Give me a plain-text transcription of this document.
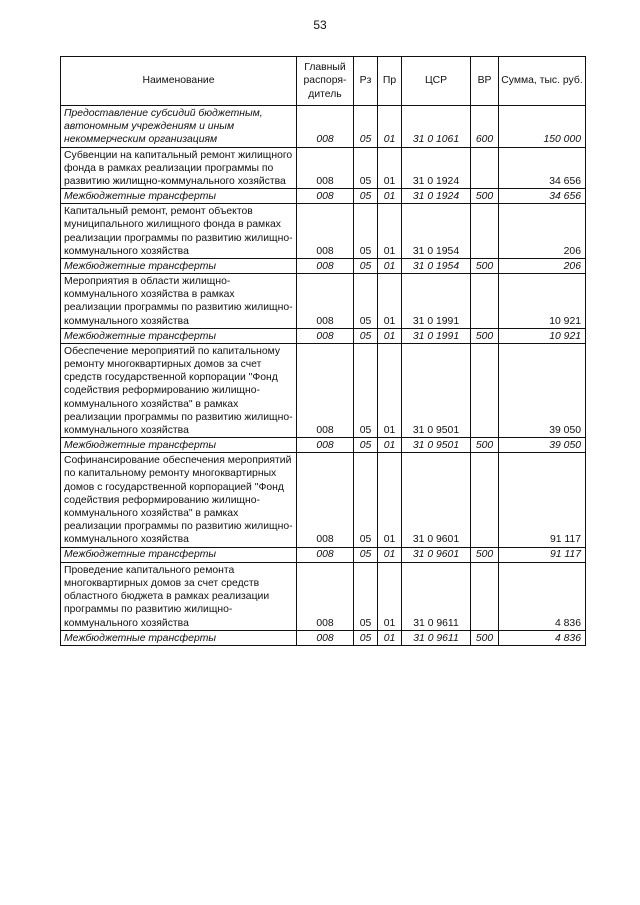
53
Наименование	Главный распоря-дитель	Рз	Пр	ЦСР	ВР	Сумма, тыс. руб.
Предоставление субсидий бюджетным, автономным учреждениям и иным некоммерческим организациям	008	05	01	31 0 1061	600	150 000
Субвенции на капитальный ремонт жилищного фонда в рамках реализации программы по развитию жилищно-коммунального хозяйства	008	05	01	31 0 1924		34 656
Межбюджетные трансферты	008	05	01	31 0 1924	500	34 656
Капитальный ремонт, ремонт объектов муниципального жилищного фонда в рамках реализации программы по развитию жилищно-коммунального хозяйства	008	05	01	31 0 1954		206
Межбюджетные трансферты	008	05	01	31 0 1954	500	206
Мероприятия в области жилищно-коммунального хозяйства в рамках реализации программы по развитию жилищно-коммунального хозяйства	008	05	01	31 0 1991		10 921
Межбюджетные трансферты	008	05	01	31 0 1991	500	10 921
Обеспечение мероприятий по капитальному ремонту многоквартирных домов за счет средств государственной корпорации "Фонд содействия реформированию жилищно-коммунального хозяйства" в рамках реализации программы по развитию жилищно-коммунального хозяйства	008	05	01	31 0 9501		39 050
Межбюджетные трансферты	008	05	01	31 0 9501	500	39 050
Софинансирование обеспечения мероприятий по капитальному ремонту многоквартирных домов с государственной корпорацией "Фонд содействия реформированию жилищно-коммунального хозяйства" в рамках реализации программы по развитию жилищно-коммунального хозяйства	008	05	01	31 0 9601		91 117
Межбюджетные трансферты	008	05	01	31 0 9601	500	91 117
Проведение капитального ремонта многоквартирных домов за счет средств областного бюджета в рамках реализации программы по развитию жилищно-коммунального хозяйства	008	05	01	31 0 9611		4 836
Межбюджетные трансферты	008	05	01	31 0 9611	500	4 836
